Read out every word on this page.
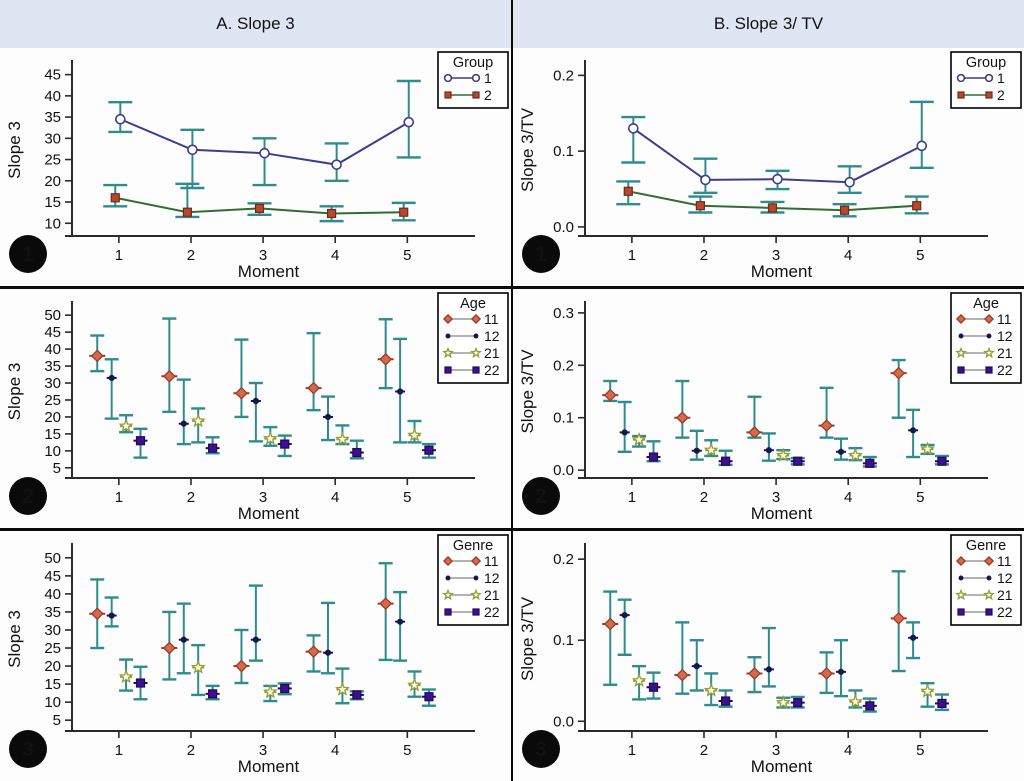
A. Slope 3	B. Slope 3/ TV
10
15
20
25
30
35
40
45
1	2	3	4	5
Moment
Slope 3
Group
1
2
1
0.0
0.1
0.2
1	2	3	4	5
Moment
Slope 3/TV
Group
1
2
1
5
10
15
20
25
30
35
40
45
50
1	2	3	4	5
Moment
Slope 3
Age
11
12
21
22
2
0.0
0.1
0.2
0.3
1	2	3	4	5
Moment
Slope 3/TV
Age
11
12
21
22
2
5
10
15
20
25
30
35
40
45
50
1	2	3	4	5
Moment
Slope 3
Genre
11
12
21
22
3
0.0
0.1
0.2
1	2	3	4	5
Moment
Slope 3/TV
Genre
11
12
21
22
3
